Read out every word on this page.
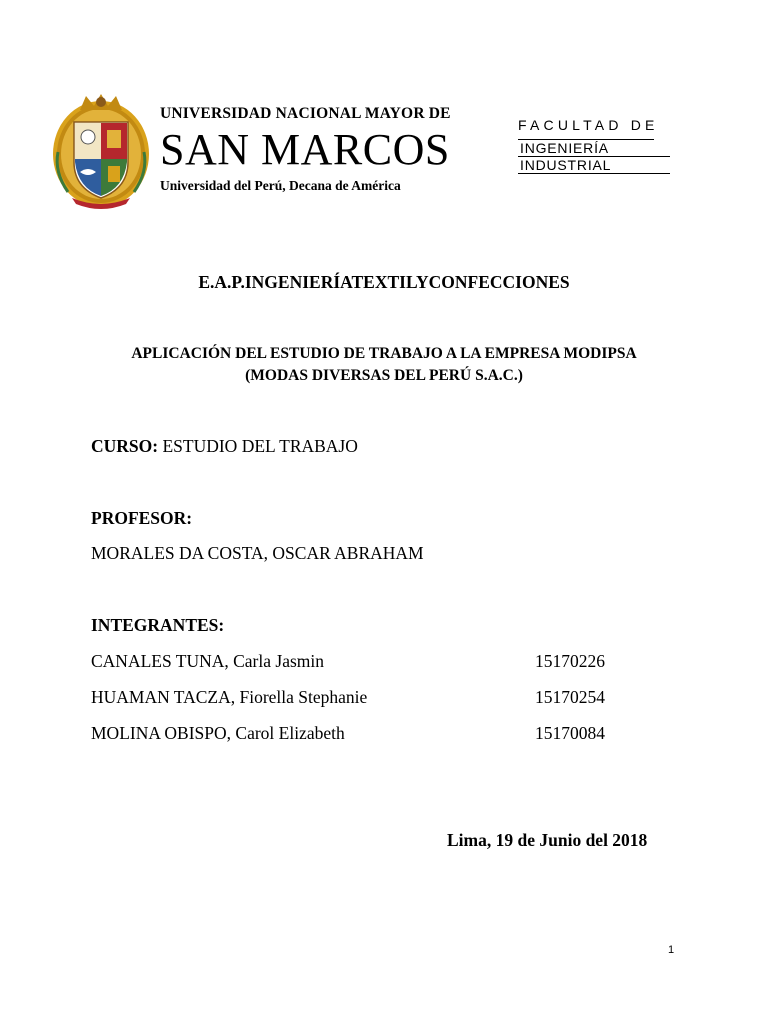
UNIVERSIDAD NACIONAL MAYOR DE
SAN MARCOS
Universidad del Perú, Decana de América
FACULTAD DE
INGENIERÍA
INDUSTRIAL
E.A.P.INGENIERÍATEXTILYCONFECCIONES
APLICACIÓN DEL ESTUDIO DE TRABAJO A LA EMPRESA MODIPSA
(MODAS DIVERSAS DEL PERÚ S.A.C.)
CURSO: ESTUDIO DEL TRABAJO
PROFESOR:
MORALES DA COSTA, OSCAR ABRAHAM
INTEGRANTES:
CANALES TUNA, Carla Jasmin	15170226
HUAMAN TACZA, Fiorella Stephanie	15170254
MOLINA OBISPO, Carol Elizabeth	15170084
Lima, 19 de Junio del 2018
1
